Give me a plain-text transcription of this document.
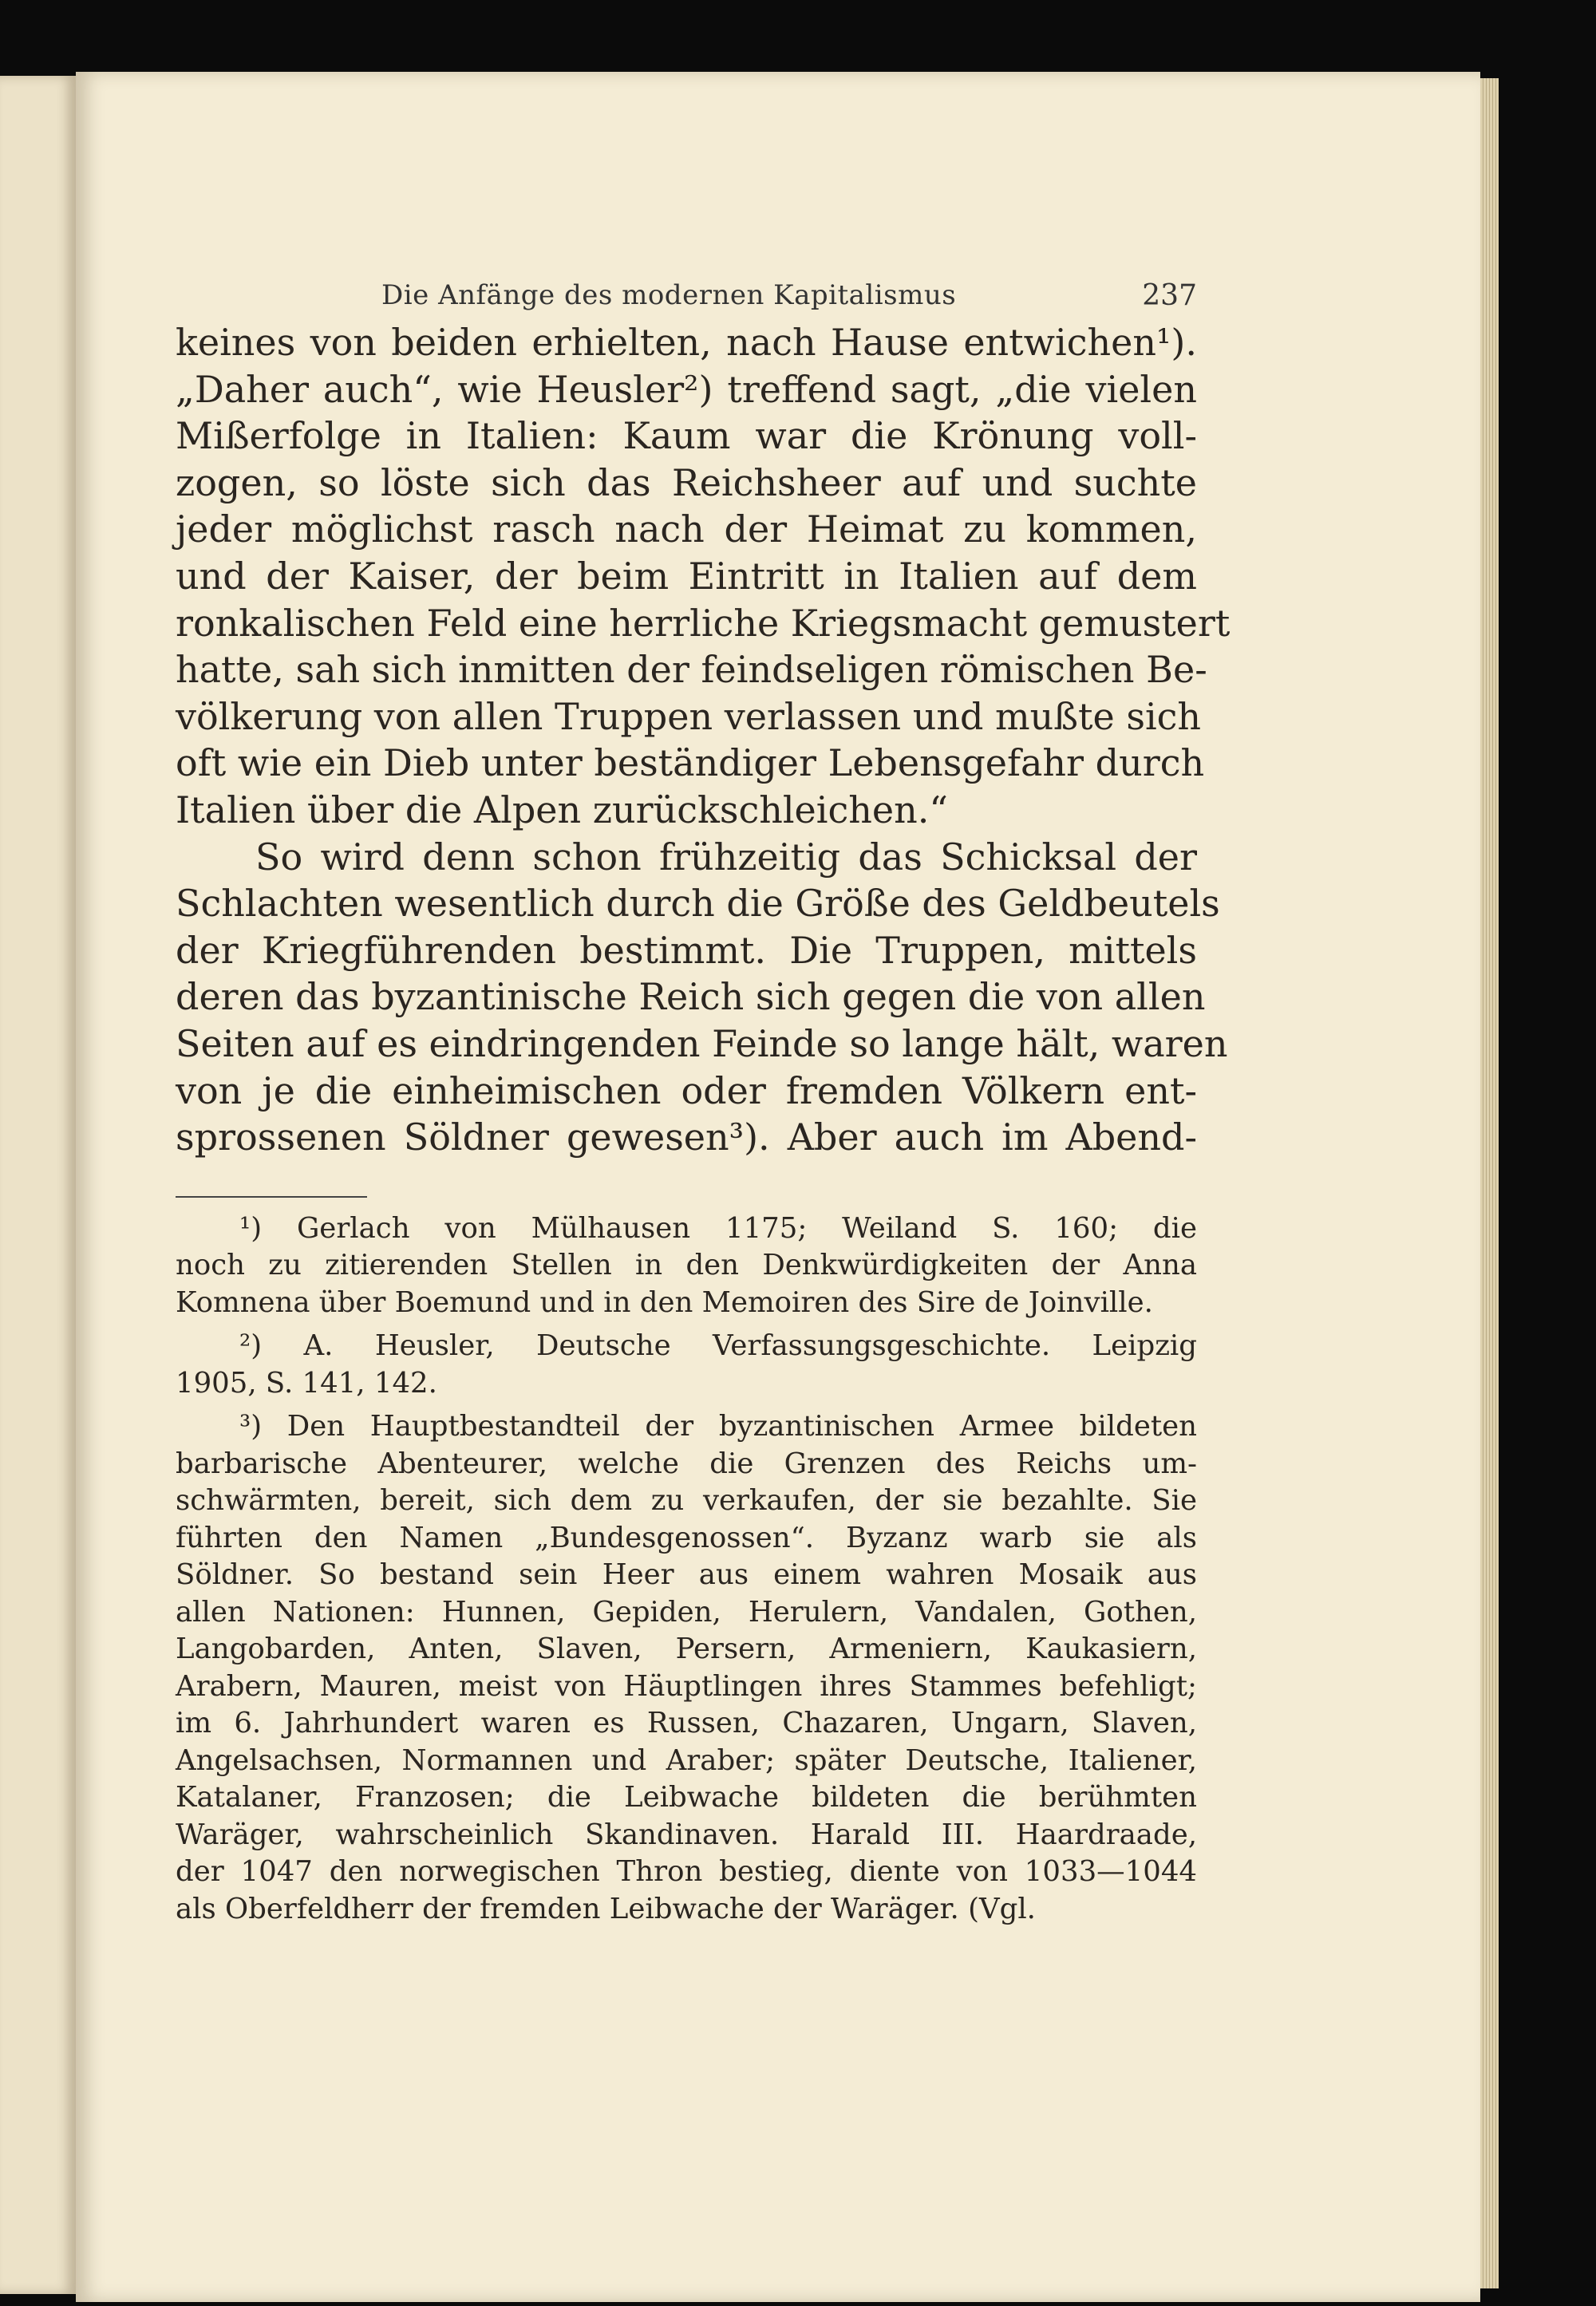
Die Anfänge des modernen Kapitalismus	237
keines von beiden erhielten, nach Hause entwichen¹).
„Daher auch“, wie Heusler²) treffend sagt, „die vielen
Mißerfolge in Italien: Kaum war die Krönung voll-
zogen, so löste sich das Reichsheer auf und suchte
jeder möglichst rasch nach der Heimat zu kommen,
und der Kaiser, der beim Eintritt in Italien auf dem
ronkalischen Feld eine herrliche Kriegsmacht gemustert
hatte, sah sich inmitten der feindseligen römischen Be-
völkerung von allen Truppen verlassen und mußte sich
oft wie ein Dieb unter beständiger Lebensgefahr durch
Italien über die Alpen zurückschleichen.“
So wird denn schon frühzeitig das Schicksal der
Schlachten wesentlich durch die Größe des Geldbeutels
der Kriegführenden bestimmt. Die Truppen, mittels
deren das byzantinische Reich sich gegen die von allen
Seiten auf es eindringenden Feinde so lange hält, waren
von je die einheimischen oder fremden Völkern ent-
sprossenen Söldner gewesen³). Aber auch im Abend-
¹) Gerlach von Mülhausen 1175; Weiland S. 160; die
noch zu zitierenden Stellen in den Denkwürdigkeiten der Anna
Komnena über Boemund und in den Memoiren des Sire de Joinville.
²) A. Heusler, Deutsche Verfassungsgeschichte. Leipzig
1905, S. 141, 142.
³) Den Hauptbestandteil der byzantinischen Armee bildeten
barbarische Abenteurer, welche die Grenzen des Reichs um-
schwärmten, bereit, sich dem zu verkaufen, der sie bezahlte. Sie
führten den Namen „Bundesgenossen“. Byzanz warb sie als
Söldner. So bestand sein Heer aus einem wahren Mosaik aus
allen Nationen: Hunnen, Gepiden, Herulern, Vandalen, Gothen,
Langobarden, Anten, Slaven, Persern, Armeniern, Kaukasiern,
Arabern, Mauren, meist von Häuptlingen ihres Stammes befehligt;
im 6. Jahrhundert waren es Russen, Chazaren, Ungarn, Slaven,
Angelsachsen, Normannen und Araber; später Deutsche, Italiener,
Katalaner, Franzosen; die Leibwache bildeten die berühmten
Waräger, wahrscheinlich Skandinaven. Harald III. Haardraade,
der 1047 den norwegischen Thron bestieg, diente von 1033—1044
als Oberfeldherr der fremden Leibwache der Waräger. (Vgl.
